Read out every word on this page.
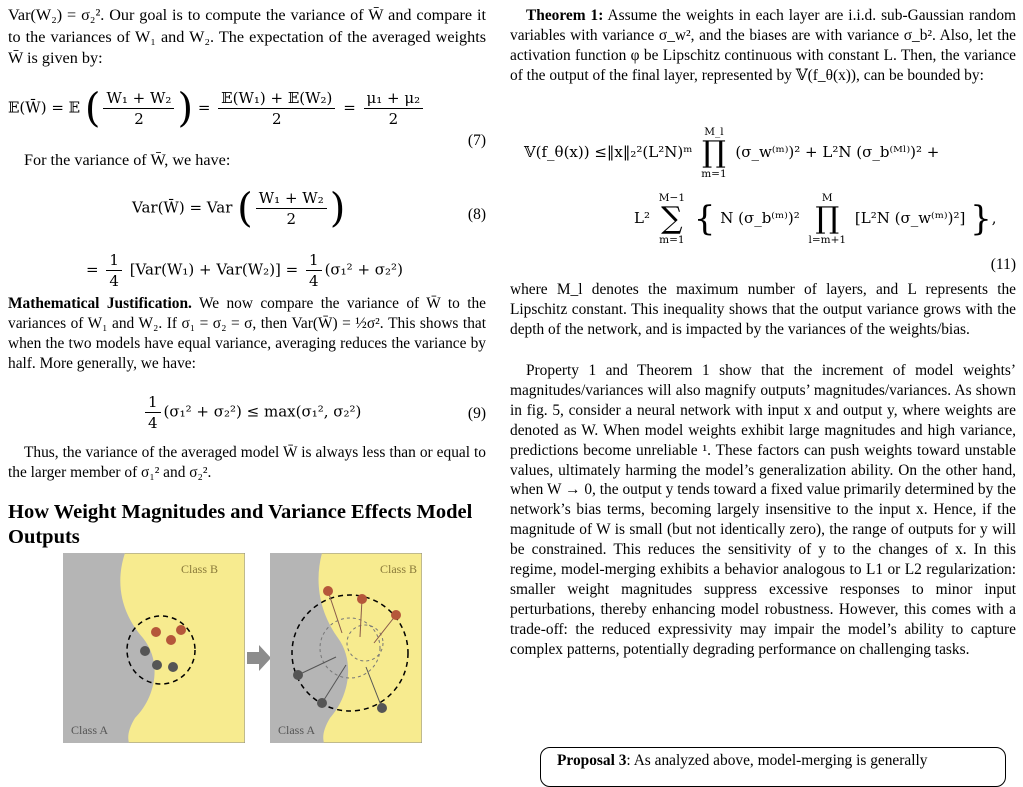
Var(W₂) = σ₂². Our goal is to compute the variance of W̄ and compare it to the variances of W₁ and W₂. The expectation of the averaged weights W̄ is given by:

𝔼(W̄) = 𝔼 ( $\frac{\text{W₁ + W₂}}{2}$ ) = $\frac{\text{𝔼(W₁) + 𝔼(W₂)}}{2} = \frac{\text{μ₁ + μ₂}}{2}$
(7)

For the variance of W̄, we have:

Var(W̄) = Var ( $\frac{\text{W₁ + W₂}}{2}$ )	(8)
= $\frac{1}{4} [Var(W_1) + Var(W_2)] = \frac{1}{4} (\sigma_1^2 + \sigma_2^2)$

Mathematical Justification. We now compare the variance of W̄ to the variances of W₁ and W₂. If σ₁ = σ₂ = σ, then Var(W̄) = ½σ². This shows that when the two models have equal variance, averaging reduces the variance by half. More generally, we have:

$\frac{1}{4} (\sigma_1^2 + \sigma_2^2) \le \max(\sigma_1^2$, σ₂²)	(9)

Thus, the variance of the averaged model W̄ is always less than or equal to the larger member of σ₁² and σ₂².

How Weight Magnitudes and Variance Effects Model Outputs
Class B
Class A
Class B
Class A

Theorem 1: Assume the weights in each layer are i.i.d. sub-Gaussian random variables with variance σ_w², and the biases are with variance σ_b². Also, let the activation function φ be Lipschitz continuous with constant L. Then, the variance of the output of the final layer, represented by 𝕍(f_θ(x)), can be bounded by:

𝕍(f_θ(x)) ≤‖x‖₂²(L²N)ᵐ
M_l
∏
m=1
(σ_w⁽ᵐ⁾)² + L²N (σ_b⁽ᴹˡ⁾)² +
L²
M−1
∑
m=1
{ N (σ_b⁽ᵐ⁾)²
M
∏
l=m+1
[L²N (σ_w⁽ᵐ⁾)²] },
(11)

where M_l denotes the maximum number of layers, and L represents the Lipschitz constant. This inequality shows that the output variance grows with the depth of the network, and is impacted by the variances of the weights/bias.

Property 1 and Theorem 1 show that the increment of model weights’ magnitudes/variances will also magnify outputs’ magnitudes/variances. As shown in fig. 5, consider a neural network with input x and output y, where weights are denoted as W. When model weights exhibit large magnitudes and high variance, predictions become unreliable ¹. These factors can push weights toward unstable values, ultimately harming the model’s generalization ability. On the other hand, when W → 0, the output y tends toward a fixed value primarily determined by the network’s bias terms, becoming largely insensitive to the input x. Hence, if the magnitude of W is small (but not identically zero), the range of outputs for y will be constrained. This reduces the sensitivity of y to the changes of x. In this regime, model-merging exhibits a behavior analogous to L1 or L2 regularization: smaller weight magnitudes suppress excessive responses to minor input perturbations, thereby enhancing model robustness. However, this comes with a trade-off: the reduced expressivity may impair the model’s ability to capture complex patterns, potentially degrading performance on challenging tasks.

Proposal 3: As analyzed above, model-merging is generally
